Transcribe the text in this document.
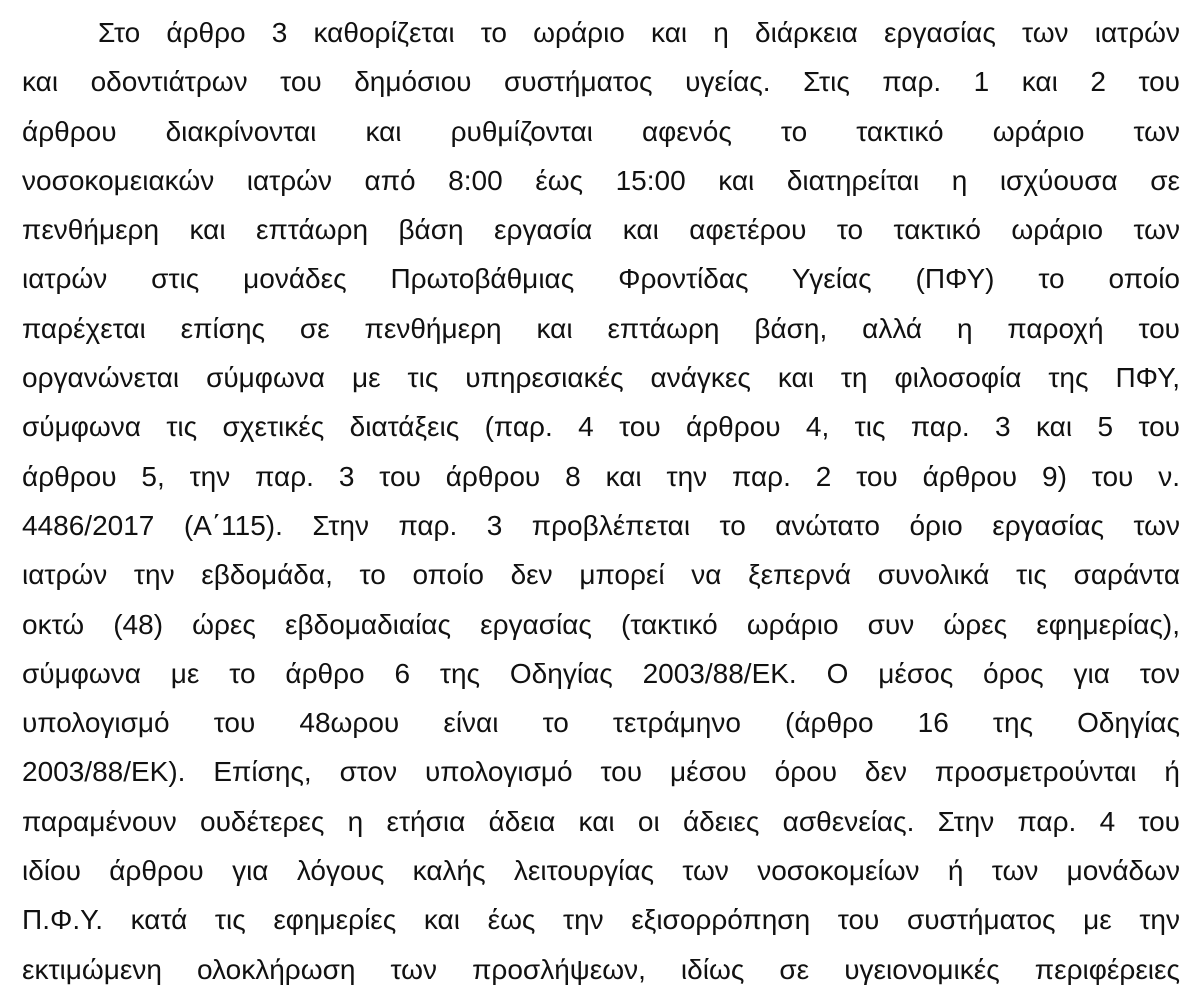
Στο άρθρο 3 καθορίζεται το ωράριο και η διάρκεια εργασίας των ιατρών
και οδοντιάτρων του δημόσιου συστήματος υγείας. Στις παρ. 1 και 2 του
άρθρου διακρίνονται και ρυθμίζονται αφενός το τακτικό ωράριο των
νοσοκομειακών ιατρών από 8:00 έως 15:00 και διατηρείται η ισχύουσα σε
πενθήμερη και επτάωρη βάση εργασία και αφετέρου το τακτικό ωράριο των
ιατρών στις μονάδες Πρωτοβάθμιας Φροντίδας Υγείας (ΠΦΥ) το οποίο
παρέχεται επίσης σε πενθήμερη και επτάωρη βάση, αλλά η παροχή του
οργανώνεται σύμφωνα με τις υπηρεσιακές ανάγκες και τη φιλοσοφία της ΠΦΥ,
σύμφωνα τις σχετικές διατάξεις (παρ. 4 του άρθρου 4, τις παρ. 3 και 5 του
άρθρου 5, την παρ. 3 του άρθρου 8 και την παρ. 2 του άρθρου 9) του ν.
4486/2017 (Α΄115). Στην παρ. 3 προβλέπεται το ανώτατο όριο εργασίας των
ιατρών την εβδομάδα, το οποίο δεν μπορεί να ξεπερνά συνολικά τις σαράντα
οκτώ (48) ώρες εβδομαδιαίας εργασίας (τακτικό ωράριο συν ώρες εφημερίας),
σύμφωνα με το άρθρο 6 της Οδηγίας 2003/88/ΕΚ. Ο μέσος όρος για τον
υπολογισμό του 48ωρου είναι το τετράμηνο (άρθρο 16 της Οδηγίας
2003/88/ΕΚ). Επίσης, στον υπολογισμό του μέσου όρου δεν προσμετρούνται ή
παραμένουν ουδέτερες η ετήσια άδεια και οι άδειες ασθενείας. Στην παρ. 4 του
ιδίου άρθρου για λόγους καλής λειτουργίας των νοσοκομείων ή των μονάδων
Π.Φ.Υ. κατά τις εφημερίες και έως την εξισορρόπηση του συστήματος με την
εκτιμώμενη ολοκλήρωση των προσλήψεων, ιδίως σε υγειονομικές περιφέρειες
